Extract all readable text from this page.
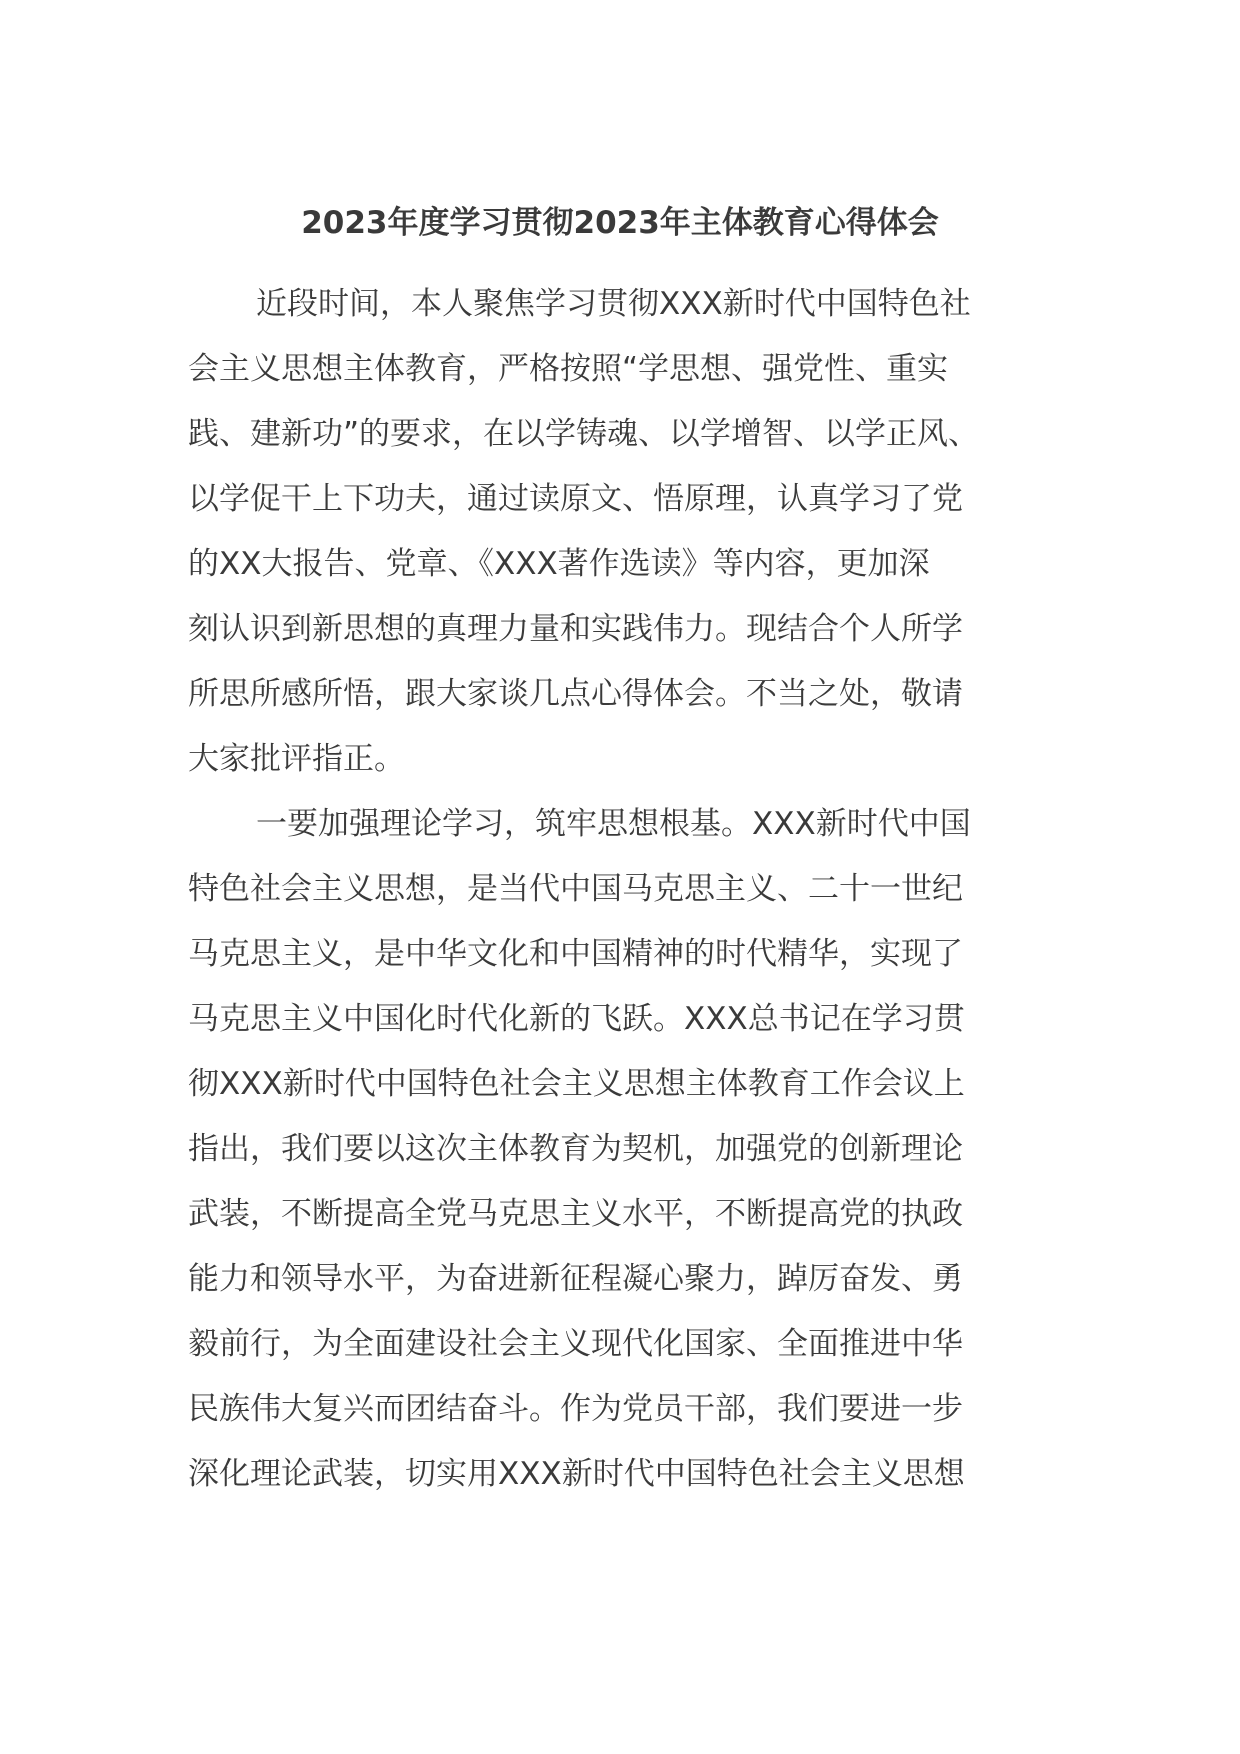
2023年度学习贯彻2023年主体教育心得体会

近段时间，本人聚焦学习贯彻XXX新时代中国特色社
会主义思想主体教育，严格按照“学思想、强党性、重实
践、建新功”的要求，在以学铸魂、以学增智、以学正风、
以学促干上下功夫，通过读原文、悟原理，认真学习了党
的XX大报告、党章、《XXX著作选读》等内容，更加深
刻认识到新思想的真理力量和实践伟力。现结合个人所学
所思所感所悟，跟大家谈几点心得体会。不当之处，敬请
大家批评指正。

一要加强理论学习，筑牢思想根基。XXX新时代中国
特色社会主义思想，是当代中国马克思主义、二十一世纪
马克思主义，是中华文化和中国精神的时代精华，实现了
马克思主义中国化时代化新的飞跃。XXX总书记在学习贯
彻XXX新时代中国特色社会主义思想主体教育工作会议上
指出，我们要以这次主体教育为契机，加强党的创新理论
武装，不断提高全党马克思主义水平，不断提高党的执政
能力和领导水平，为奋进新征程凝心聚力，踔厉奋发、勇
毅前行，为全面建设社会主义现代化国家、全面推进中华
民族伟大复兴而团结奋斗。作为党员干部，我们要进一步
深化理论武装，切实用XXX新时代中国特色社会主义思想
